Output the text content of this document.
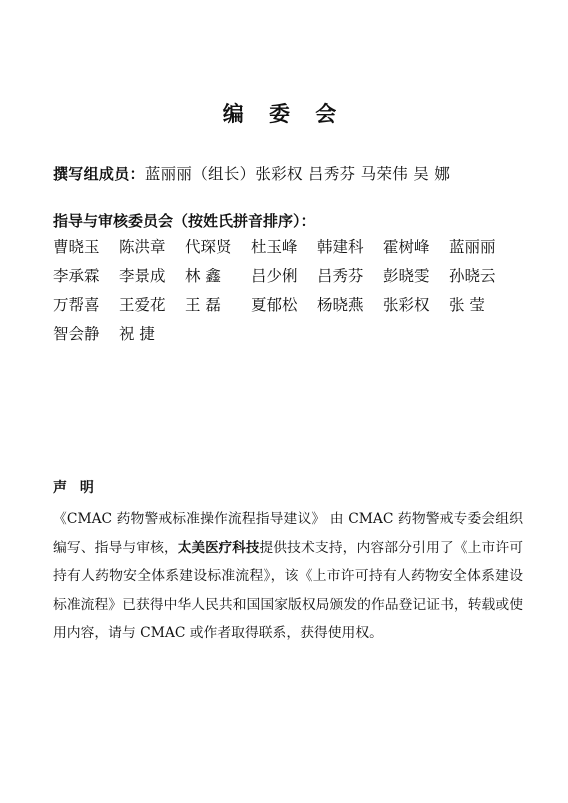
编 委 会
撰写组成员：蓝丽丽（组长）张彩权 吕秀芬 马荣伟 吴 娜
指导与审核委员会（按姓氏拼音排序）：
曹晓玉	陈洪章	代琛贤	杜玉峰	韩建科	霍树峰	蓝丽丽
李承霖	李景成	林 鑫	吕少俐	吕秀芬	彭晓雯	孙晓云
万帮喜	王爱花	王 磊	夏郁松	杨晓燕	张彩权	张 莹
智会静	祝 捷
声 明
《CMAC 药物警戒标准操作流程指导建议》 由 CMAC 药物警戒专委会组织编写、指导与审核，太美医疗科技提供技术支持，内容部分引用了《上市许可持有人药物安全体系建设标准流程》，该《上市许可持有人药物安全体系建设标准流程》已获得中华人民共和国国家版权局颁发的作品登记证书，转载或使用内容，请与 CMAC 或作者取得联系，获得使用权。
